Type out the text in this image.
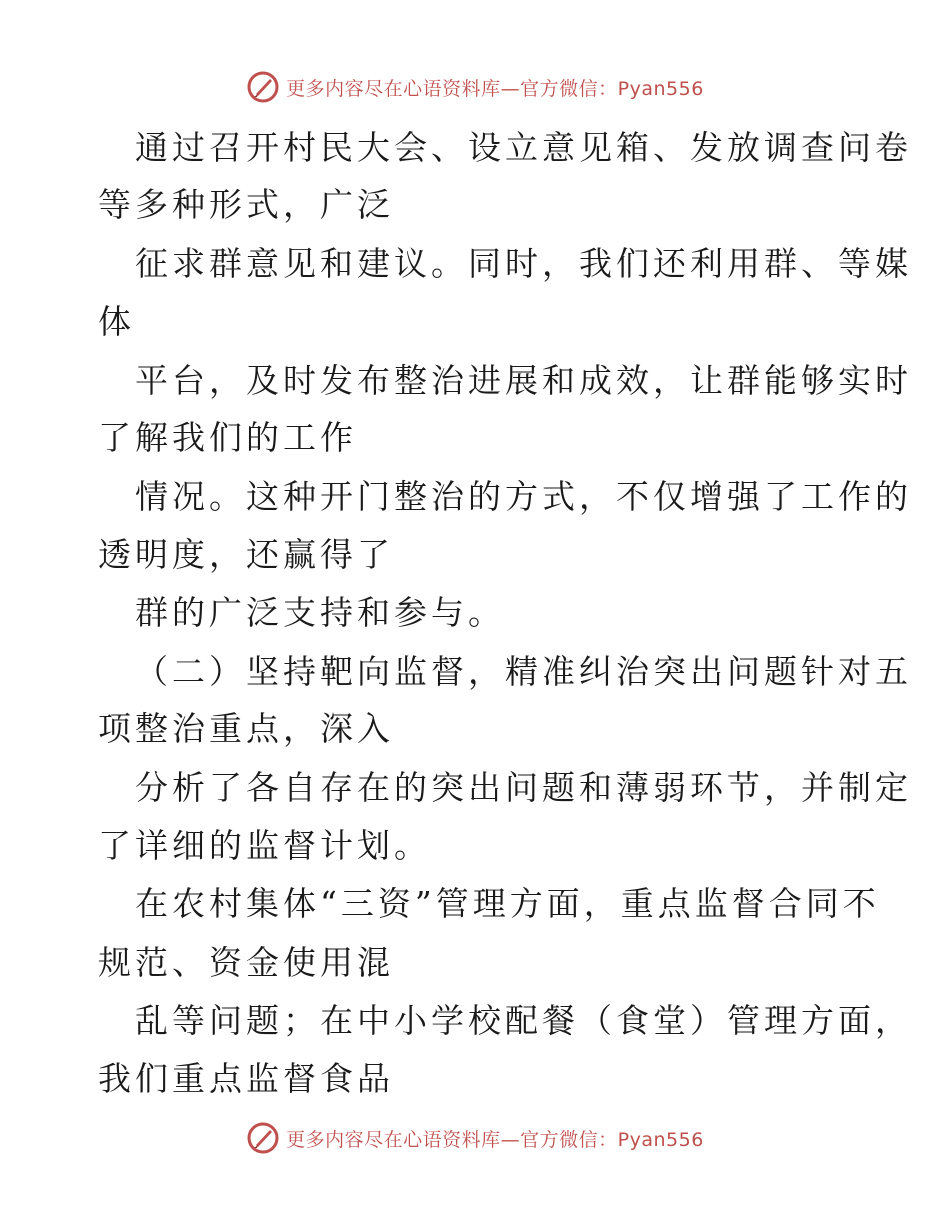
更多内容尽在心语资料库—官方微信：Pyan556
通过召开村民大会、设立意见箱、发放调查问卷
等多种形式，广泛
征求群意见和建议。同时，我们还利用群、等媒
体
平台，及时发布整治进展和成效，让群能够实时
了解我们的工作
情况。这种开门整治的方式，不仅增强了工作的
透明度，还赢得了
群的广泛支持和参与。
（二）坚持靶向监督，精准纠治突出问题针对五
项整治重点，深入
分析了各自存在的突出问题和薄弱环节，并制定
了详细的监督计划。
在农村集体“三资”管理方面，重点监督合同不
规范、资金使用混
乱等问题；在中小学校配餐（食堂）管理方面，
我们重点监督食品
更多内容尽在心语资料库—官方微信：Pyan556
